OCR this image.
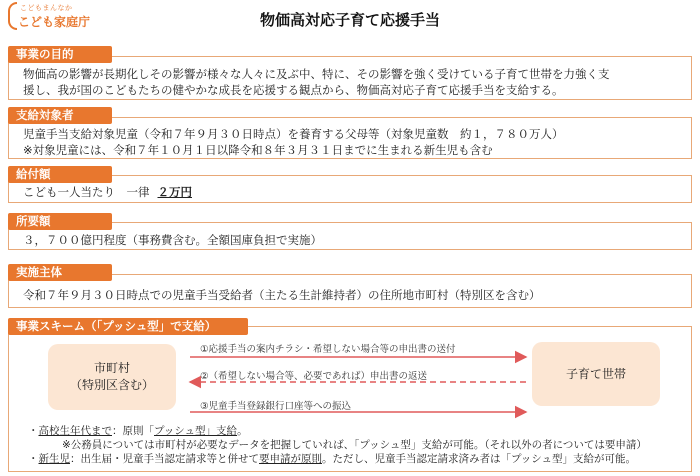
こどもまんなか
こども家庭庁	物価高対応子育て応援手当
物価高の影響が長期化しその影響が様々な人々に及ぶ中、特に、その影響を強く受けている子育て世帯を力強く支
援し、我が国のこどもたちの健やかな成長を応援する観点から、物価高対応子育て応援手当を支給する。
事業の目的
児童手当支給対象児童（令和７年９月３０日時点）を養育する父母等（対象児童数　約１，７８０万人）
※対象児童には、令和７年１０月１日以降令和８年３月３１日までに生まれる新生児も含む
支給対象者
こども一人当たり　一律 ２万円
給付額
３，７００億円程度（事務費含む。全額国庫負担で実施）
所要額
令和７年９月３０日時点での児童手当受給者（主たる生計維持者）の住所地市町村（特別区を含む）
実施主体
事業スキーム（「プッシュ型」で支給）
市町村
（特別区含む）
子育て世帯
①応援手当の案内チラシ・希望しない場合等の申出書の送付
②（希望しない場合等、必要であれば）申出書の返送
③児童手当登録銀行口座等への振込
・高校生年代まで：原則「プッシュ型」支給。
※公務員については市町村が必要なデータを把握していれば、「プッシュ型」支給が可能。（それ以外の者については要申請）
・新生児：出生届・児童手当認定請求等と併せて要申請が原則。ただし、児童手当認定請求済み者は「プッシュ型」支給が可能。
